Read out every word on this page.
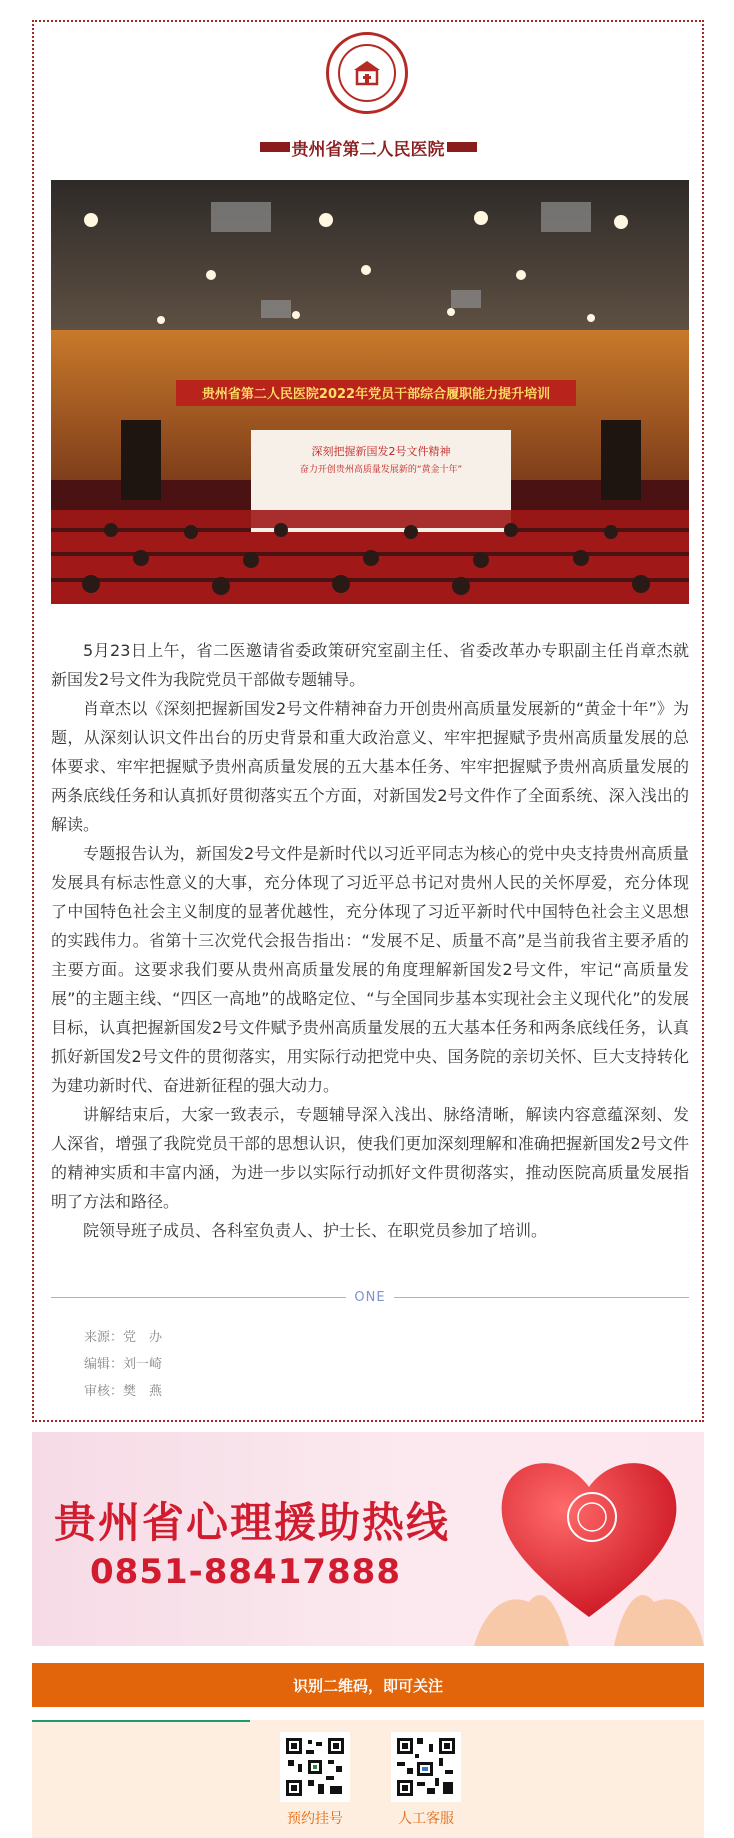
贵州省第二人民医院
贵州省第二人民医院2022年党员干部综合履职能力提升培训
深刻把握新国发2号文件精神
奋力开创贵州高质量发展新的“黄金十年”

5月23日上午，省二医邀请省委政策研究室副主任、省委改革办专职副主任肖章杰就新国发2号文件为我院党员干部做专题辅导。

肖章杰以《深刻把握新国发2号文件精神奋力开创贵州高质量发展新的“黄金十年”》为题，从深刻认识文件出台的历史背景和重大政治意义、牢牢把握赋予贵州高质量发展的总体要求、牢牢把握赋予贵州高质量发展的五大基本任务、牢牢把握赋予贵州高质量发展的两条底线任务和认真抓好贯彻落实五个方面，对新国发2号文件作了全面系统、深入浅出的解读。

专题报告认为，新国发2号文件是新时代以习近平同志为核心的党中央支持贵州高质量发展具有标志性意义的大事，充分体现了习近平总书记对贵州人民的关怀厚爱，充分体现了中国特色社会主义制度的显著优越性，充分体现了习近平新时代中国特色社会主义思想的实践伟力。省第十三次党代会报告指出：“发展不足、质量不高”是当前我省主要矛盾的主要方面。这要求我们要从贵州高质量发展的角度理解新国发2号文件，牢记“高质量发展”的主题主线、“四区一高地”的战略定位、“与全国同步基本实现社会主义现代化”的发展目标，认真把握新国发2号文件赋予贵州高质量发展的五大基本任务和两条底线任务，认真抓好新国发2号文件的贯彻落实，用实际行动把党中央、国务院的亲切关怀、巨大支持转化为建功新时代、奋进新征程的强大动力。

讲解结束后，大家一致表示，专题辅导深入浅出、脉络清晰，解读内容意蕴深刻、发人深省，增强了我院党员干部的思想认识，使我们更加深刻理解和准确把握新国发2号文件的精神实质和丰富内涵，为进一步以实际行动抓好文件贯彻落实，推动医院高质量发展指明了方法和路径。

院领导班子成员、各科室负责人、护士长、在职党员参加了培训。

ONE
来源：党　办
编辑：刘一崎
审核：樊　燕
贵州省心理援助热线
0851-88417888
识别二维码，即可关注
预约挂号	人工客服
